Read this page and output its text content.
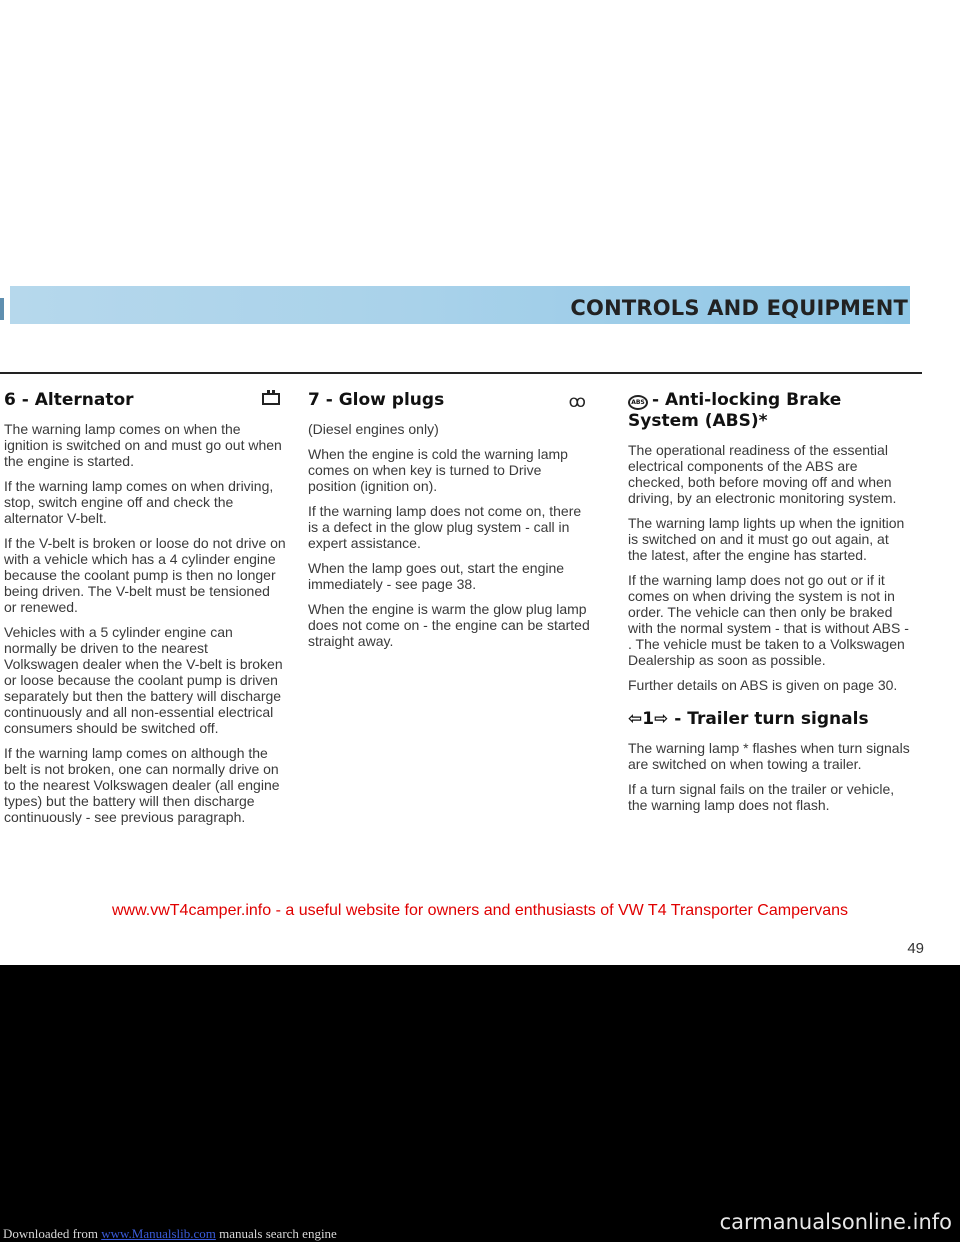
CONTROLS AND EQUIPMENT
6 - Alternator

The warning lamp comes on when the ignition is switched on and must go out when the engine is started.

If the warning lamp comes on when driving, stop, switch engine off and check the alternator V-belt.

If the V-belt is broken or loose do not drive on with a vehicle which has a 4 cylinder engine because the coolant pump is then no longer being driven. The V-belt must be tensioned or renewed.

Vehicles with a 5 cylinder engine can normally be driven to the nearest Volkswagen dealer when the V-belt is broken or loose because the coolant pump is driven separately but then the battery will discharge continuously and all non-essential electrical consumers should be switched off.

If the warning lamp comes on although the belt is not broken, one can normally drive on to the nearest Volkswagen dealer (all engine types) but the battery will then discharge continuously - see previous paragraph.

7 - Glow plugs	ꝏ

(Diesel engines only)

When the engine is cold the warning lamp comes on when key is turned to Drive position (ignition on).

If the warning lamp does not come on, there is a defect in the glow plug system - call in expert assistance.

When the lamp goes out, start the engine immediately - see page 38.

When the engine is warm the glow plug lamp does not come on - the engine can be started straight away.

ABS - Anti-locking Brake System (ABS)*

The operational readiness of the essential electrical components of the ABS are checked, both before moving off and when driving, by an electronic monitoring system.

The warning lamp lights up when the ignition is switched on and it must go out again, at the latest, after the engine has started.

If the warning lamp does not go out or if it comes on when driving the system is not in order. The vehicle can then only be braked with the normal system - that is without ABS - . The vehicle must be taken to a Volkswagen Dealership as soon as possible.

Further details on ABS is given on page 30.

⇦1⇨ - Trailer turn signals

The warning lamp * flashes when turn signals are switched on when towing a trailer.

If a turn signal fails on the trailer or vehicle, the warning lamp does not flash.

www.vwT4camper.info - a useful website for owners and enthusiasts of VW T4 Transporter Campervans
49
Downloaded from www.Manualslib.com manuals search engine	carmanualsonline.info
